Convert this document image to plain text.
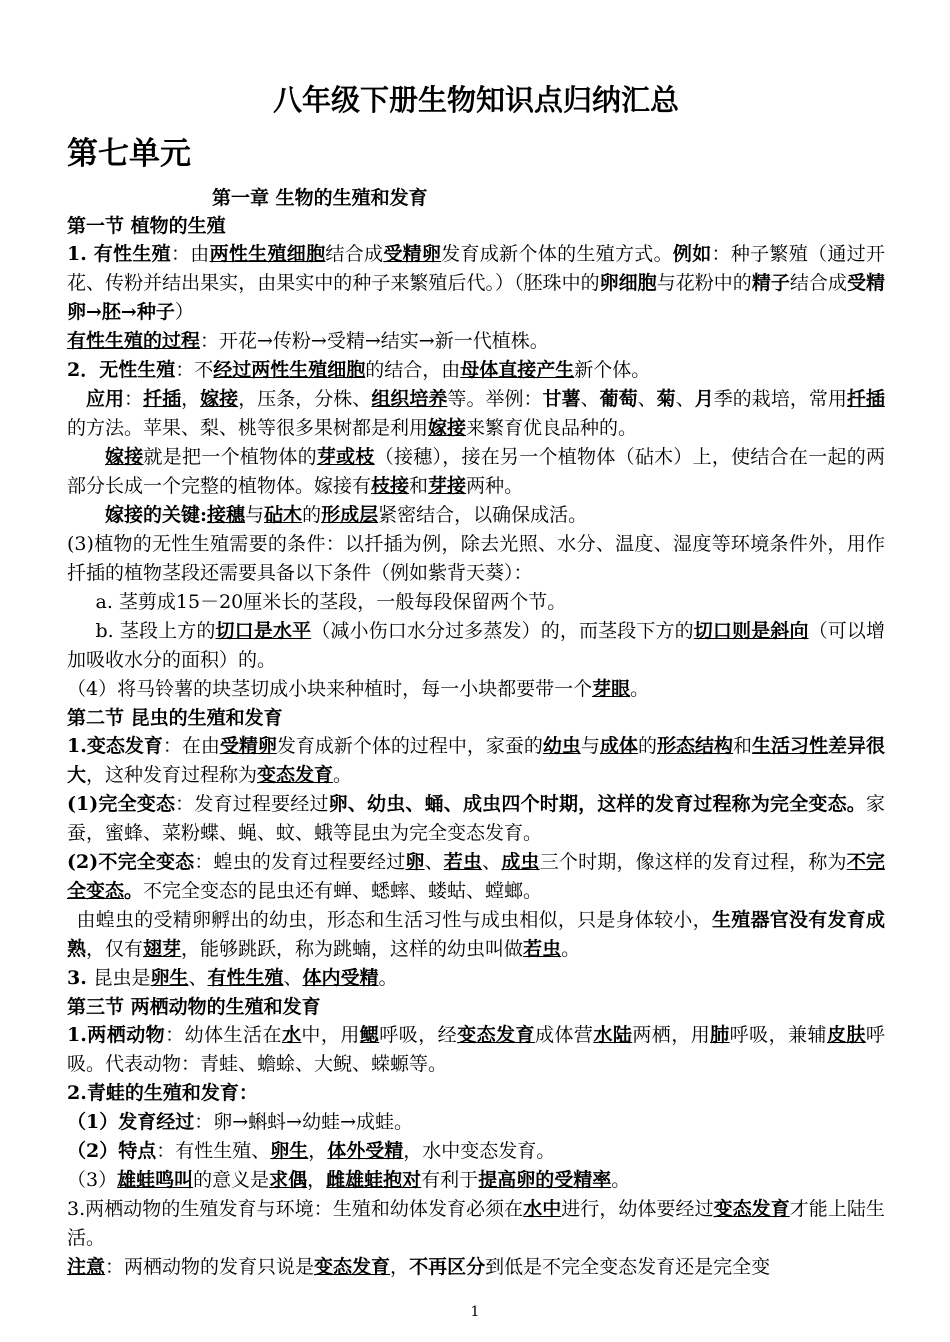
八年级下册生物知识点归纳汇总
第七单元
第一章 生物的生殖和发育
第一节 植物的生殖
1. 有性生殖：由两性生殖细胞结合成受精卵发育成新个体的生殖方式。例如：种子繁殖（通过开花、传粉并结出果实，由果实中的种子来繁殖后代。）（胚珠中的卵细胞与花粉中的精子结合成受精卵→胚→种子）
有性生殖的过程：开花→传粉→受精→结实→新一代植株。
2．无性生殖：不经过两性生殖细胞的结合，由母体直接产生新个体。
应用：扦插，嫁接，压条，分株、组织培养等。举例：甘薯、葡萄、菊、月季的栽培，常用扦插的方法。苹果、梨、桃等很多果树都是利用嫁接来繁育优良品种的。
嫁接就是把一个植物体的芽或枝（接穗），接在另一个植物体（砧木）上，使结合在一起的两部分长成一个完整的植物体。嫁接有枝接和芽接两种。
嫁接的关键:接穗与砧木的形成层紧密结合，以确保成活。
(3)植物的无性生殖需要的条件：以扦插为例，除去光照、水分、温度、湿度等环境条件外，用作扦插的植物茎段还需要具备以下条件（例如紫背天葵）：
a. 茎剪成15－20厘米长的茎段，一般每段保留两个节。
b. 茎段上方的切口是水平（减小伤口水分过多蒸发）的，而茎段下方的切口则是斜向（可以增加吸收水分的面积）的。
（4）将马铃薯的块茎切成小块来种植时，每一小块都要带一个芽眼。
第二节 昆虫的生殖和发育
1.变态发育：在由受精卵发育成新个体的过程中，家蚕的幼虫与成体的形态结构和生活习性差异很大，这种发育过程称为变态发育。
(1)完全变态：发育过程要经过卵、幼虫、蛹、成虫四个时期，这样的发育过程称为完全变态。家蚕，蜜蜂、菜粉蝶、蝇、蚊、蛾等昆虫为完全变态发育。
(2)不完全变态：蝗虫的发育过程要经过卵、若虫、成虫三个时期，像这样的发育过程，称为不完全变态。不完全变态的昆虫还有蝉、蟋蟀、蝼蛄、螳螂。
由蝗虫的受精卵孵出的幼虫，形态和生活习性与成虫相似，只是身体较小，生殖器官没有发育成熟，仅有翅芽，能够跳跃，称为跳蝻，这样的幼虫叫做若虫。
3. 昆虫是卵生、有性生殖、体内受精。
第三节 两栖动物的生殖和发育
1.两栖动物：幼体生活在水中，用鳃呼吸，经变态发育成体营水陆两栖，用肺呼吸，兼辅皮肤呼吸。代表动物：青蛙、蟾蜍、大鲵、蝾螈等。
2.青蛙的生殖和发育：
（1）发育经过：卵→蝌蚪→幼蛙→成蛙。
（2）特点：有性生殖、卵生，体外受精，水中变态发育。
（3）雄蛙鸣叫的意义是求偶，雌雄蛙抱对有利于提高卵的受精率。
3.两栖动物的生殖发育与环境：生殖和幼体发育必须在水中进行，幼体要经过变态发育才能上陆生活。
注意：两栖动物的发育只说是变态发育，不再区分到低是不完全变态发育还是完全变
1
